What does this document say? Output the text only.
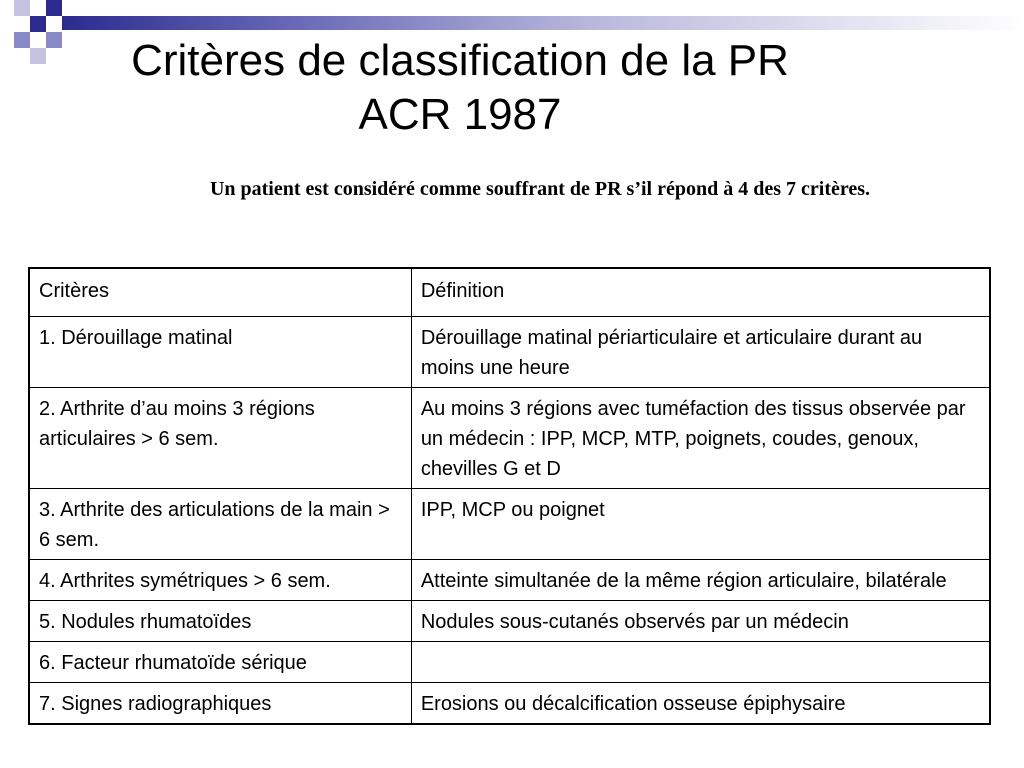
Critères de classification de la PR
ACR 1987

Un patient est considéré comme souffrant de PR s’il répond à 4 des 7 critères.

Critères	Définition
1. Dérouillage matinal	Dérouillage matinal périarticulaire et articulaire durant au moins une heure
2. Arthrite d’au moins 3 régions articulaires > 6 sem.	Au moins 3 régions avec tuméfaction des tissus observée par un médecin : IPP, MCP, MTP, poignets, coudes, genoux, chevilles G et D
3. Arthrite des articulations de la main > 6 sem.	IPP, MCP ou poignet
4. Arthrites symétriques > 6 sem.	Atteinte simultanée de la même région articulaire, bilatérale
5. Nodules rhumatoïdes	Nodules sous-cutanés observés par un médecin
6. Facteur rhumatoïde sérique	
7. Signes radiographiques	Erosions ou décalcification osseuse épiphysaire
